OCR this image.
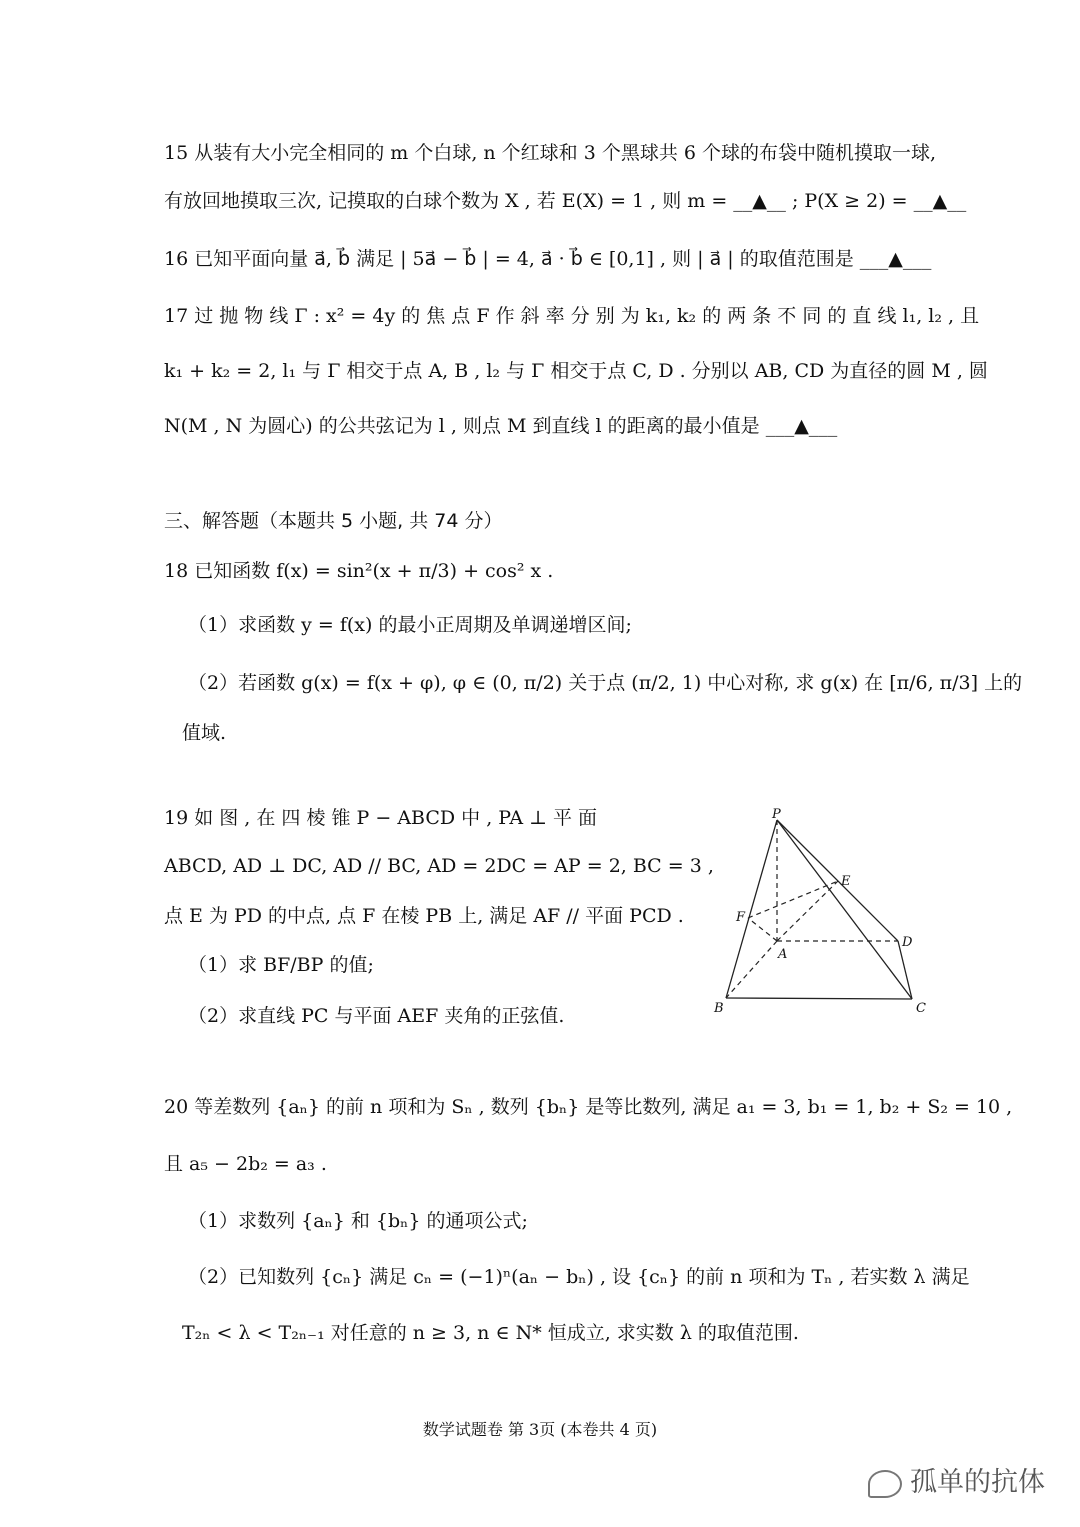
15 从装有大小完全相同的 m 个白球, n 个红球和 3 个黑球共 6 个球的布袋中随机摸取一球,
有放回地摸取三次, 记摸取的白球个数为 X , 若 E(X) = 1 , 则 m = __▲__ ; P(X ≥ 2) = __▲__
16 已知平面向量 a⃗, b⃗ 满足 | 5a⃗ − b⃗ | = 4, a⃗ · b⃗ ∈ [0,1] , 则 | a⃗ | 的取值范围是 ___▲___
17 过 抛 物 线 Γ : x² = 4y 的 焦 点 F 作 斜 率 分 别 为 k₁, k₂ 的 两 条 不 同 的 直 线 l₁, l₂ , 且
k₁ + k₂ = 2, l₁ 与 Γ 相交于点 A, B , l₂ 与 Γ 相交于点 C, D . 分别以 AB, CD 为直径的圆 M , 圆
N(M , N 为圆心) 的公共弦记为 l , 则点 M 到直线 l 的距离的最小值是 ___▲___
三、解答题（本题共 5 小题, 共 74 分）
18 已知函数 f(x) = sin²(x + π/3) + cos² x .
（1）求函数 y = f(x) 的最小正周期及单调递增区间;
（2）若函数 g(x) = f(x + φ), φ ∈ (0, π/2) 关于点 (π/2, 1) 中心对称, 求 g(x) 在 [π/6, π/3] 上的
值域.
19 如 图 , 在 四 棱 锥 P − ABCD 中 , PA ⊥ 平 面
ABCD, AD ⊥ DC, AD // BC, AD = 2DC = AP = 2, BC = 3 ,
点 E 为 PD 的中点, 点 F 在棱 PB 上, 满足 AF // 平面 PCD .
（1）求 BF/BP 的值;
（2）求直线 PC 与平面 AEF 夹角的正弦值.
P
E
F
A
D
B	C
20 等差数列 {aₙ} 的前 n 项和为 Sₙ , 数列 {bₙ} 是等比数列, 满足 a₁ = 3, b₁ = 1, b₂ + S₂ = 10 ,
且 a₅ − 2b₂ = a₃ .
（1）求数列 {aₙ} 和 {bₙ} 的通项公式;
（2）已知数列 {cₙ} 满足 cₙ = (−1)ⁿ(aₙ − bₙ) , 设 {cₙ} 的前 n 项和为 Tₙ , 若实数 λ 满足
T₂ₙ < λ < T₂ₙ₋₁ 对任意的 n ≥ 3, n ∈ N* 恒成立, 求实数 λ 的取值范围.
数学试题卷 第 3页 (本卷共 4 页)
孤单的抗体
